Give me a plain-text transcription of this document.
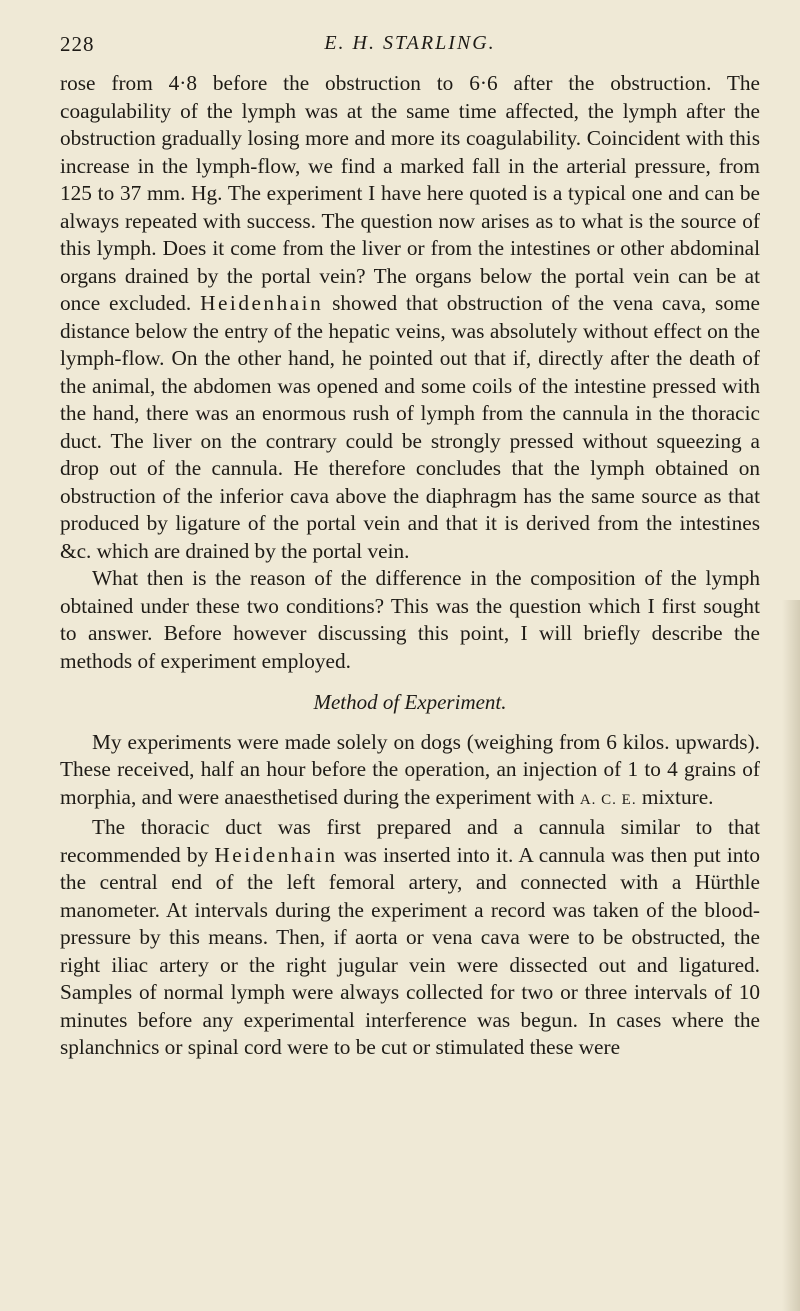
228	E. H. STARLING.

rose from 4·8 before the obstruction to 6·6 after the obstruction. The coagulability of the lymph was at the same time affected, the lymph after the obstruction gradually losing more and more its coagulability. Coincident with this increase in the lymph-flow, we find a marked fall in the arterial pressure, from 125 to 37 mm. Hg. The experiment I have here quoted is a typical one and can be always repeated with success. The question now arises as to what is the source of this lymph. Does it come from the liver or from the intestines or other abdominal organs drained by the portal vein? The organs below the portal vein can be at once excluded. Heidenhain showed that obstruction of the vena cava, some distance below the entry of the hepatic veins, was absolutely without effect on the lymph-flow. On the other hand, he pointed out that if, directly after the death of the animal, the abdomen was opened and some coils of the intestine pressed with the hand, there was an enormous rush of lymph from the cannula in the thoracic duct. The liver on the contrary could be strongly pressed without squeezing a drop out of the cannula. He therefore concludes that the lymph obtained on obstruction of the inferior cava above the diaphragm has the same source as that produced by ligature of the portal vein and that it is derived from the intestines &c. which are drained by the portal vein.

What then is the reason of the difference in the composition of the lymph obtained under these two conditions? This was the question which I first sought to answer. Before however discussing this point, I will briefly describe the methods of experiment employed.

Method of Experiment.

My experiments were made solely on dogs (weighing from 6 kilos. upwards). These received, half an hour before the operation, an injection of 1 to 4 grains of morphia, and were anaesthetised during the experiment with A. C. E. mixture.

The thoracic duct was first prepared and a cannula similar to that recommended by Heidenhain was inserted into it. A cannula was then put into the central end of the left femoral artery, and connected with a Hürthle manometer. At intervals during the experiment a record was taken of the blood-pressure by this means. Then, if aorta or vena cava were to be obstructed, the right iliac artery or the right jugular vein were dissected out and ligatured. Samples of normal lymph were always collected for two or three intervals of 10 minutes before any experimental interference was begun. In cases where the splanchnics or spinal cord were to be cut or stimulated these were
